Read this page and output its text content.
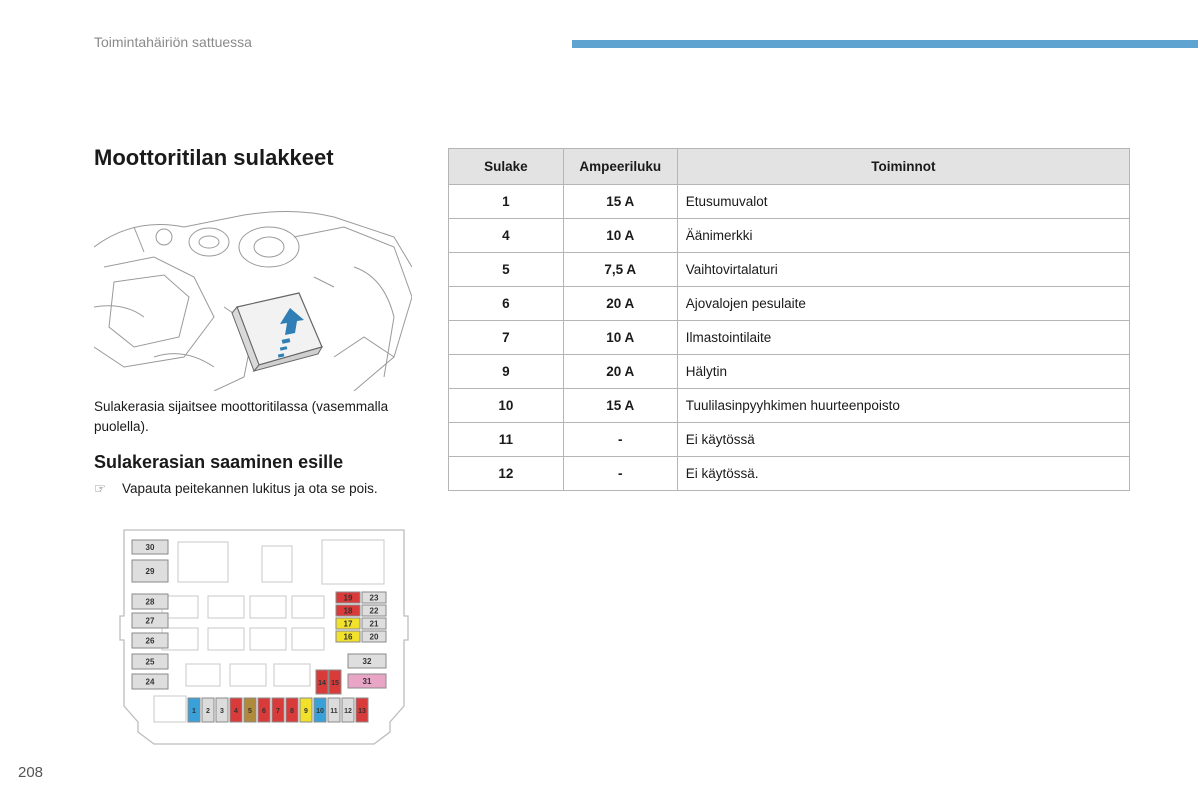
Toimintahäiriön sattuessa
Moottoritilan sulakkeet
Sulakerasia sijaitsee moottoritilassa (vasemmalla puolella).
Sulakerasian saaminen esille
☞ Vapauta peitekannen lukitus ja ota se pois.
30
29
28
27
26
25
24
19 23
18 22
17 21
16 20
32
31
14 15
1 2 3 4 5 6 7 8 9 10 11 12 13
Sulake	Ampeeriluku	Toiminnot
1	15 A	Etusumuvalot
4	10 A	Äänimerkki
5	7,5 A	Vaihtovirtalaturi
6	20 A	Ajovalojen pesulaite
7	10 A	Ilmastointilaite
9	20 A	Hälytin
10	15 A	Tuulilasinpyyhkimen huurteenpoisto
11	-	Ei käytössä
12	-	Ei käytössä.
208
